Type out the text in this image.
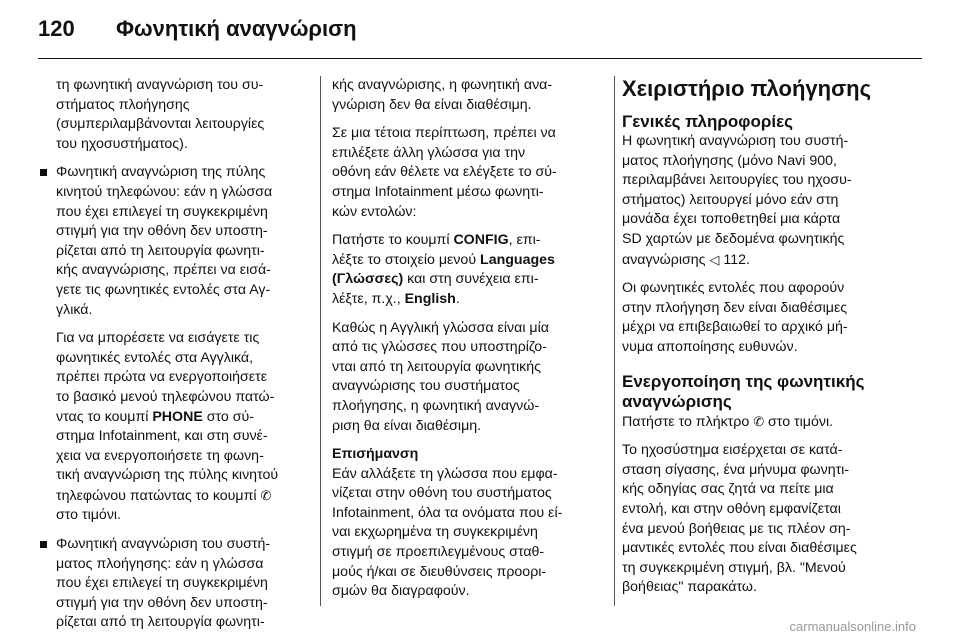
120 Φωνητική αναγνώριση

τη φωνητική αναγνώριση του συ-
στήματος πλοήγησης
(συμπεριλαμβάνονται λειτουργίες
του ηχοσυστήματος).

Φωνητική αναγνώριση της πύλης
κινητού τηλεφώνου: εάν η γλώσσα
που έχει επιλεγεί τη συγκεκριμένη
στιγμή για την οθόνη δεν υποστη-
ρίζεται από τη λειτουργία φωνητι-
κής αναγνώρισης, πρέπει να εισά-
γετε τις φωνητικές εντολές στα Αγ-
γλικά.

Για να μπορέσετε να εισάγετε τις
φωνητικές εντολές στα Αγγλικά,
πρέπει πρώτα να ενεργοποιήσετε
το βασικό μενού τηλεφώνου πατώ-
ντας το κουμπί PHONE στο σύ-
στημα Infotainment, και στη συνέ-
χεια να ενεργοποιήσετε τη φωνη-
τική αναγνώριση της πύλης κινητού
τηλεφώνου πατώντας το κουμπί ✆
στο τιμόνι.

Φωνητική αναγνώριση του συστή-
ματος πλοήγησης: εάν η γλώσσα
που έχει επιλεγεί τη συγκεκριμένη
στιγμή για την οθόνη δεν υποστη-
ρίζεται από τη λειτουργία φωνητι-

κής αναγνώρισης, η φωνητική ανα-
γνώριση δεν θα είναι διαθέσιμη.

Σε μια τέτοια περίπτωση, πρέπει να
επιλέξετε άλλη γλώσσα για την
οθόνη εάν θέλετε να ελέγξετε το σύ-
στημα Infotainment μέσω φωνητι-
κών εντολών:

Πατήστε το κουμπί CONFIG, επι-
λέξτε το στοιχείο μενού Languages
(Γλώσσες) και στη συνέχεια επι-
λέξτε, π.χ., English.

Καθώς η Αγγλική γλώσσα είναι μία
από τις γλώσσες που υποστηρίζο-
νται από τη λειτουργία φωνητικής
αναγνώρισης του συστήματος
πλοήγησης, η φωνητική αναγνώ-
ριση θα είναι διαθέσιμη.

Επισήμανση

Εάν αλλάξετε τη γλώσσα που εμφα-
νίζεται στην οθόνη του συστήματος
Infotainment, όλα τα ονόματα που εί-
ναι εκχωρημένα τη συγκεκριμένη
στιγμή σε προεπιλεγμένους σταθ-
μούς ή/και σε διευθύνσεις προορι-
σμών θα διαγραφούν.

Χειριστήριο πλοήγησης
Γενικές πληροφορίες

Η φωνητική αναγνώριση του συστή-
ματος πλοήγησης (μόνο Navi 900,
περιλαμβάνει λειτουργίες του ηχοσυ-
στήματος) λειτουργεί μόνο εάν στη
μονάδα έχει τοποθετηθεί μια κάρτα
SD χαρτών με δεδομένα φωνητικής
αναγνώρισης ◁ 112.

Οι φωνητικές εντολές που αφορούν
στην πλοήγηση δεν είναι διαθέσιμες
μέχρι να επιβεβαιωθεί το αρχικό μή-
νυμα αποποίησης ευθυνών.

Ενεργοποίηση της φωνητικής
αναγνώρισης

Πατήστε το πλήκτρο ✆ στο τιμόνι.

Το ηχοσύστημα εισέρχεται σε κατά-
σταση σίγασης, ένα μήνυμα φωνητι-
κής οδηγίας σας ζητά να πείτε μια
εντολή, και στην οθόνη εμφανίζεται
ένα μενού βοήθειας με τις πλέον ση-
μαντικές εντολές που είναι διαθέσιμες
τη συγκεκριμένη στιγμή, βλ. "Μενού
βοήθειας" παρακάτω.

carmanualsonline.info
